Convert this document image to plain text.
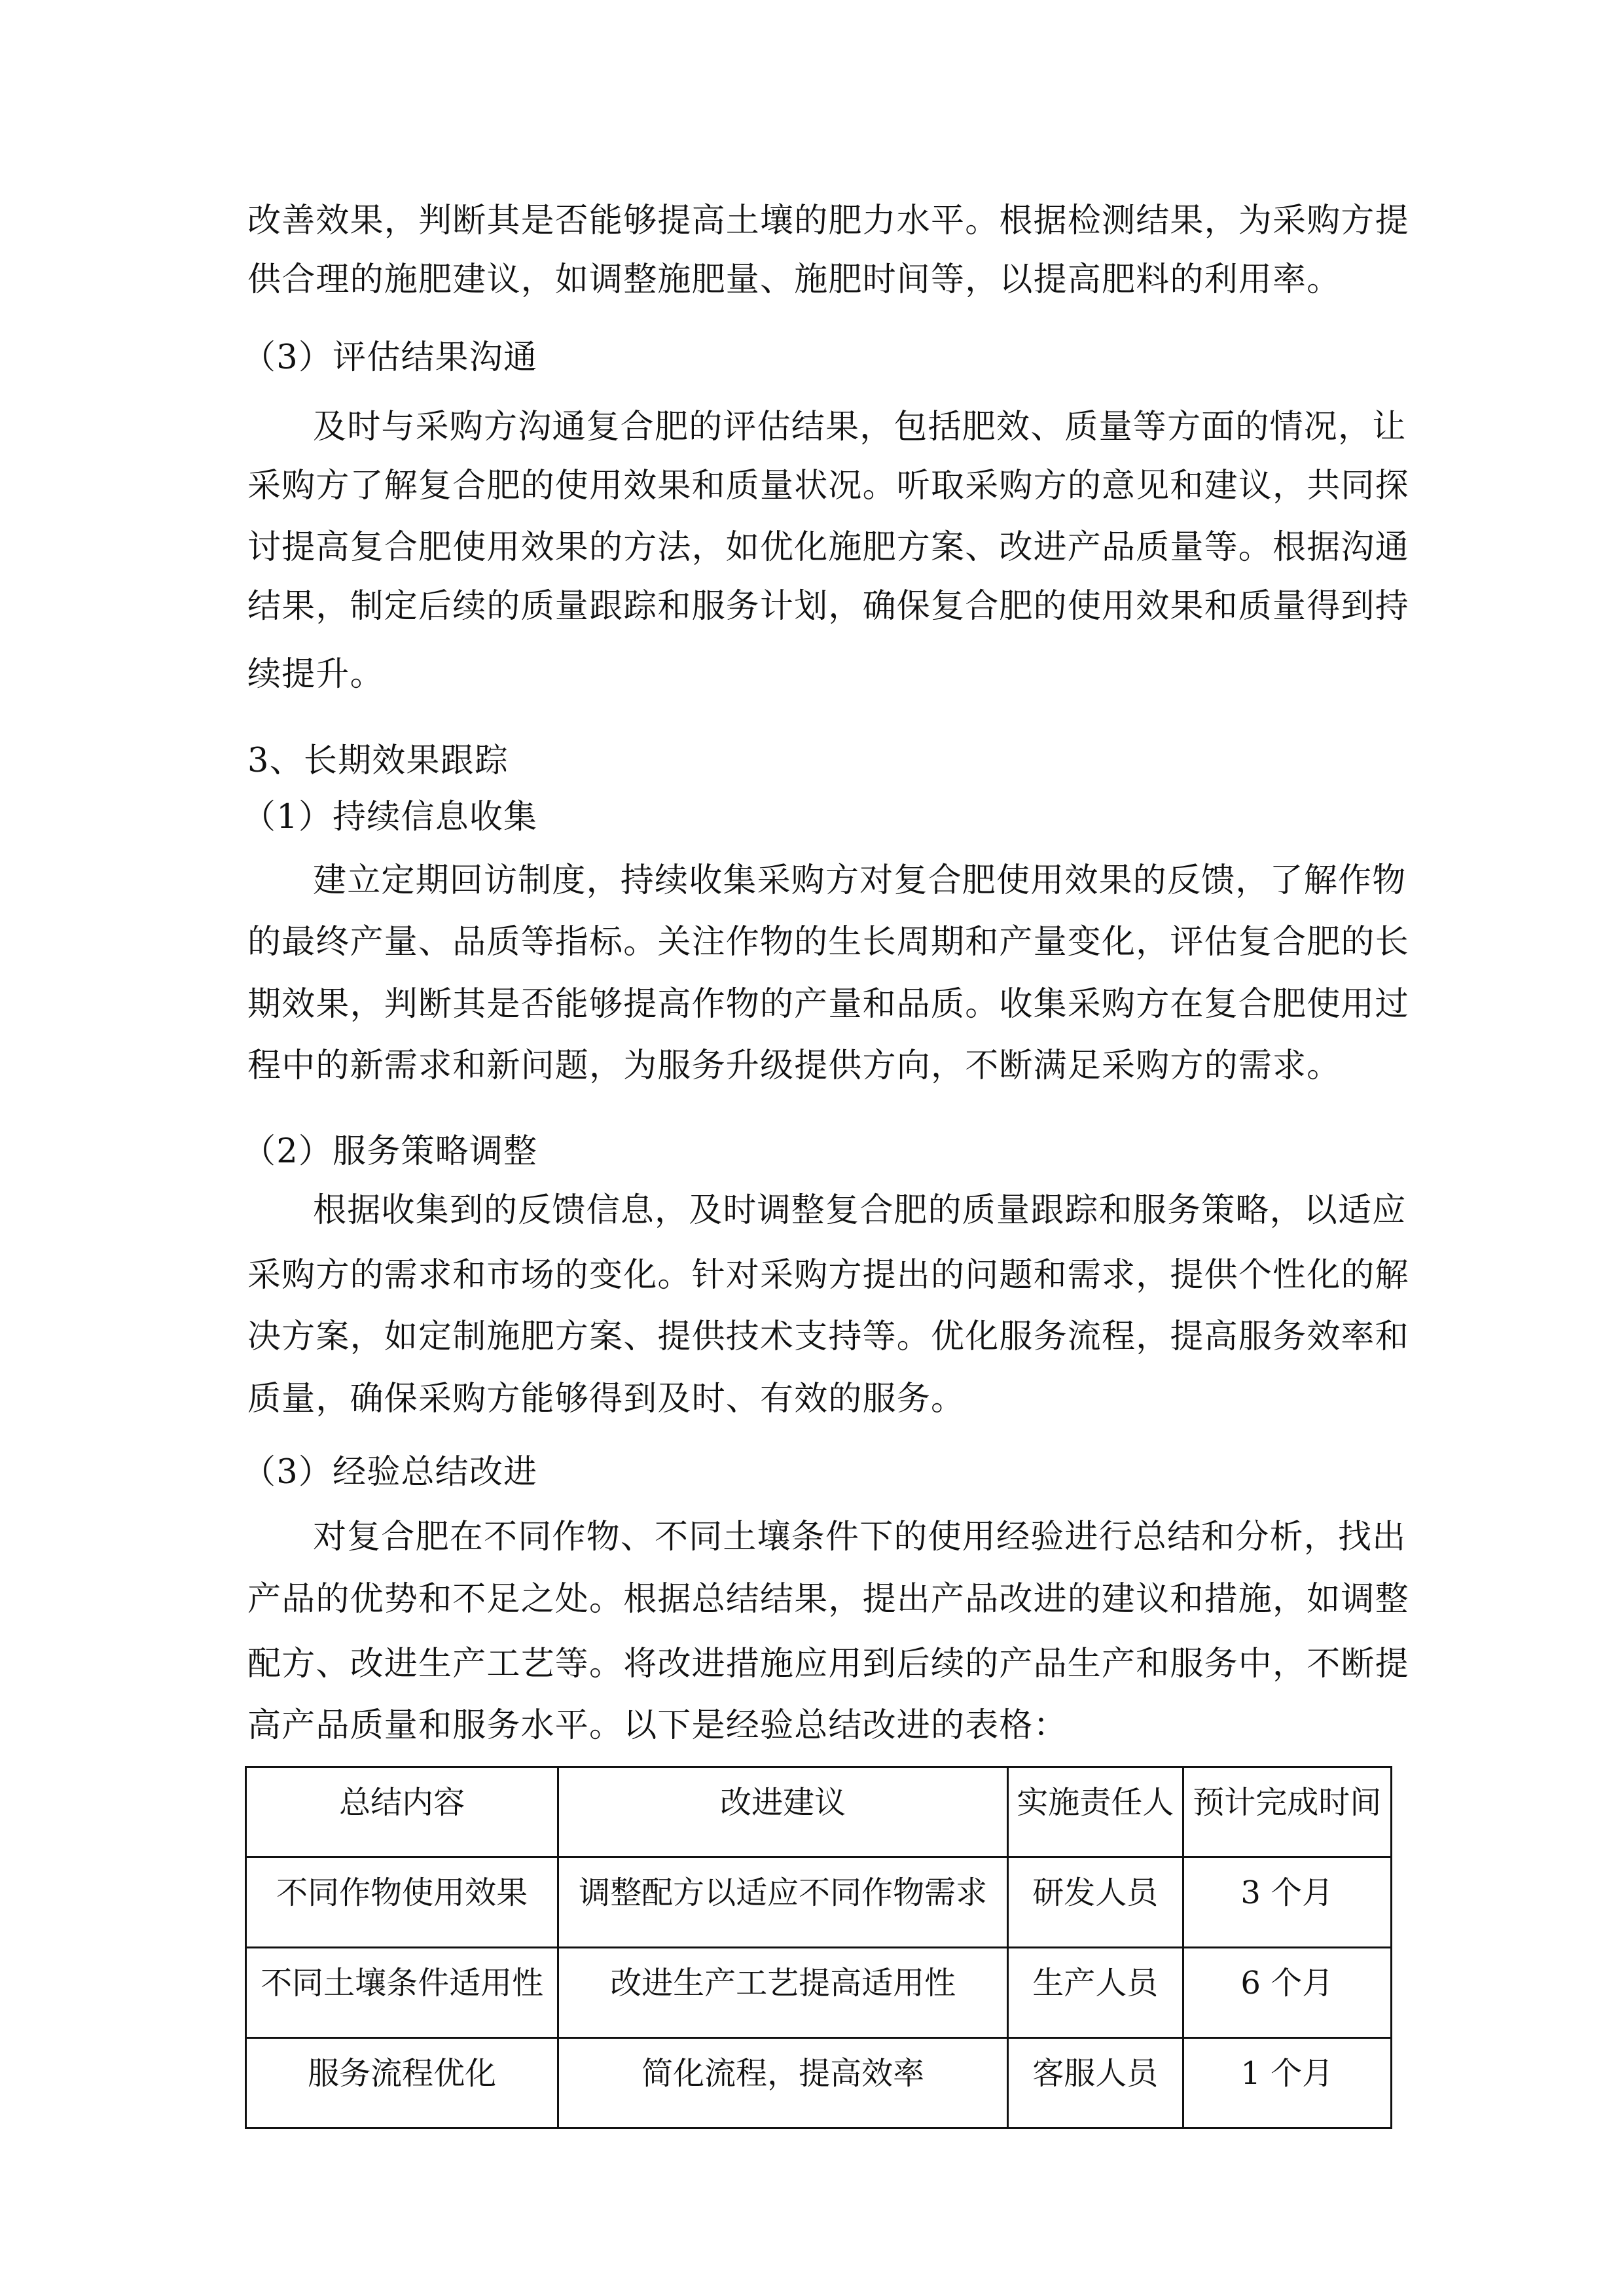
改善效果，判断其是否能够提高土壤的肥力水平。根据检测结果，为采购方提
供合理的施肥建议，如调整施肥量、施肥时间等，以提高肥料的利用率。
（3）评估结果沟通
及时与采购方沟通复合肥的评估结果，包括肥效、质量等方面的情况，让
采购方了解复合肥的使用效果和质量状况。听取采购方的意见和建议，共同探
讨提高复合肥使用效果的方法，如优化施肥方案、改进产品质量等。根据沟通
结果，制定后续的质量跟踪和服务计划，确保复合肥的使用效果和质量得到持
续提升。
3、长期效果跟踪
（1）持续信息收集
建立定期回访制度，持续收集采购方对复合肥使用效果的反馈，了解作物
的最终产量、品质等指标。关注作物的生长周期和产量变化，评估复合肥的长
期效果，判断其是否能够提高作物的产量和品质。收集采购方在复合肥使用过
程中的新需求和新问题，为服务升级提供方向，不断满足采购方的需求。
（2）服务策略调整
根据收集到的反馈信息，及时调整复合肥的质量跟踪和服务策略，以适应
采购方的需求和市场的变化。针对采购方提出的问题和需求，提供个性化的解
决方案，如定制施肥方案、提供技术支持等。优化服务流程，提高服务效率和
质量，确保采购方能够得到及时、有效的服务。
（3）经验总结改进
对复合肥在不同作物、不同土壤条件下的使用经验进行总结和分析，找出
产品的优势和不足之处。根据总结结果，提出产品改进的建议和措施，如调整
配方、改进生产工艺等。将改进措施应用到后续的产品生产和服务中，不断提
高产品质量和服务水平。以下是经验总结改进的表格：
总结内容	改进建议	实施责任人	预计完成时间
不同作物使用效果	调整配方以适应不同作物需求	研发人员	3 个月
不同土壤条件适用性	改进生产工艺提高适用性	生产人员	6 个月
服务流程优化	简化流程，提高效率	客服人员	1 个月
